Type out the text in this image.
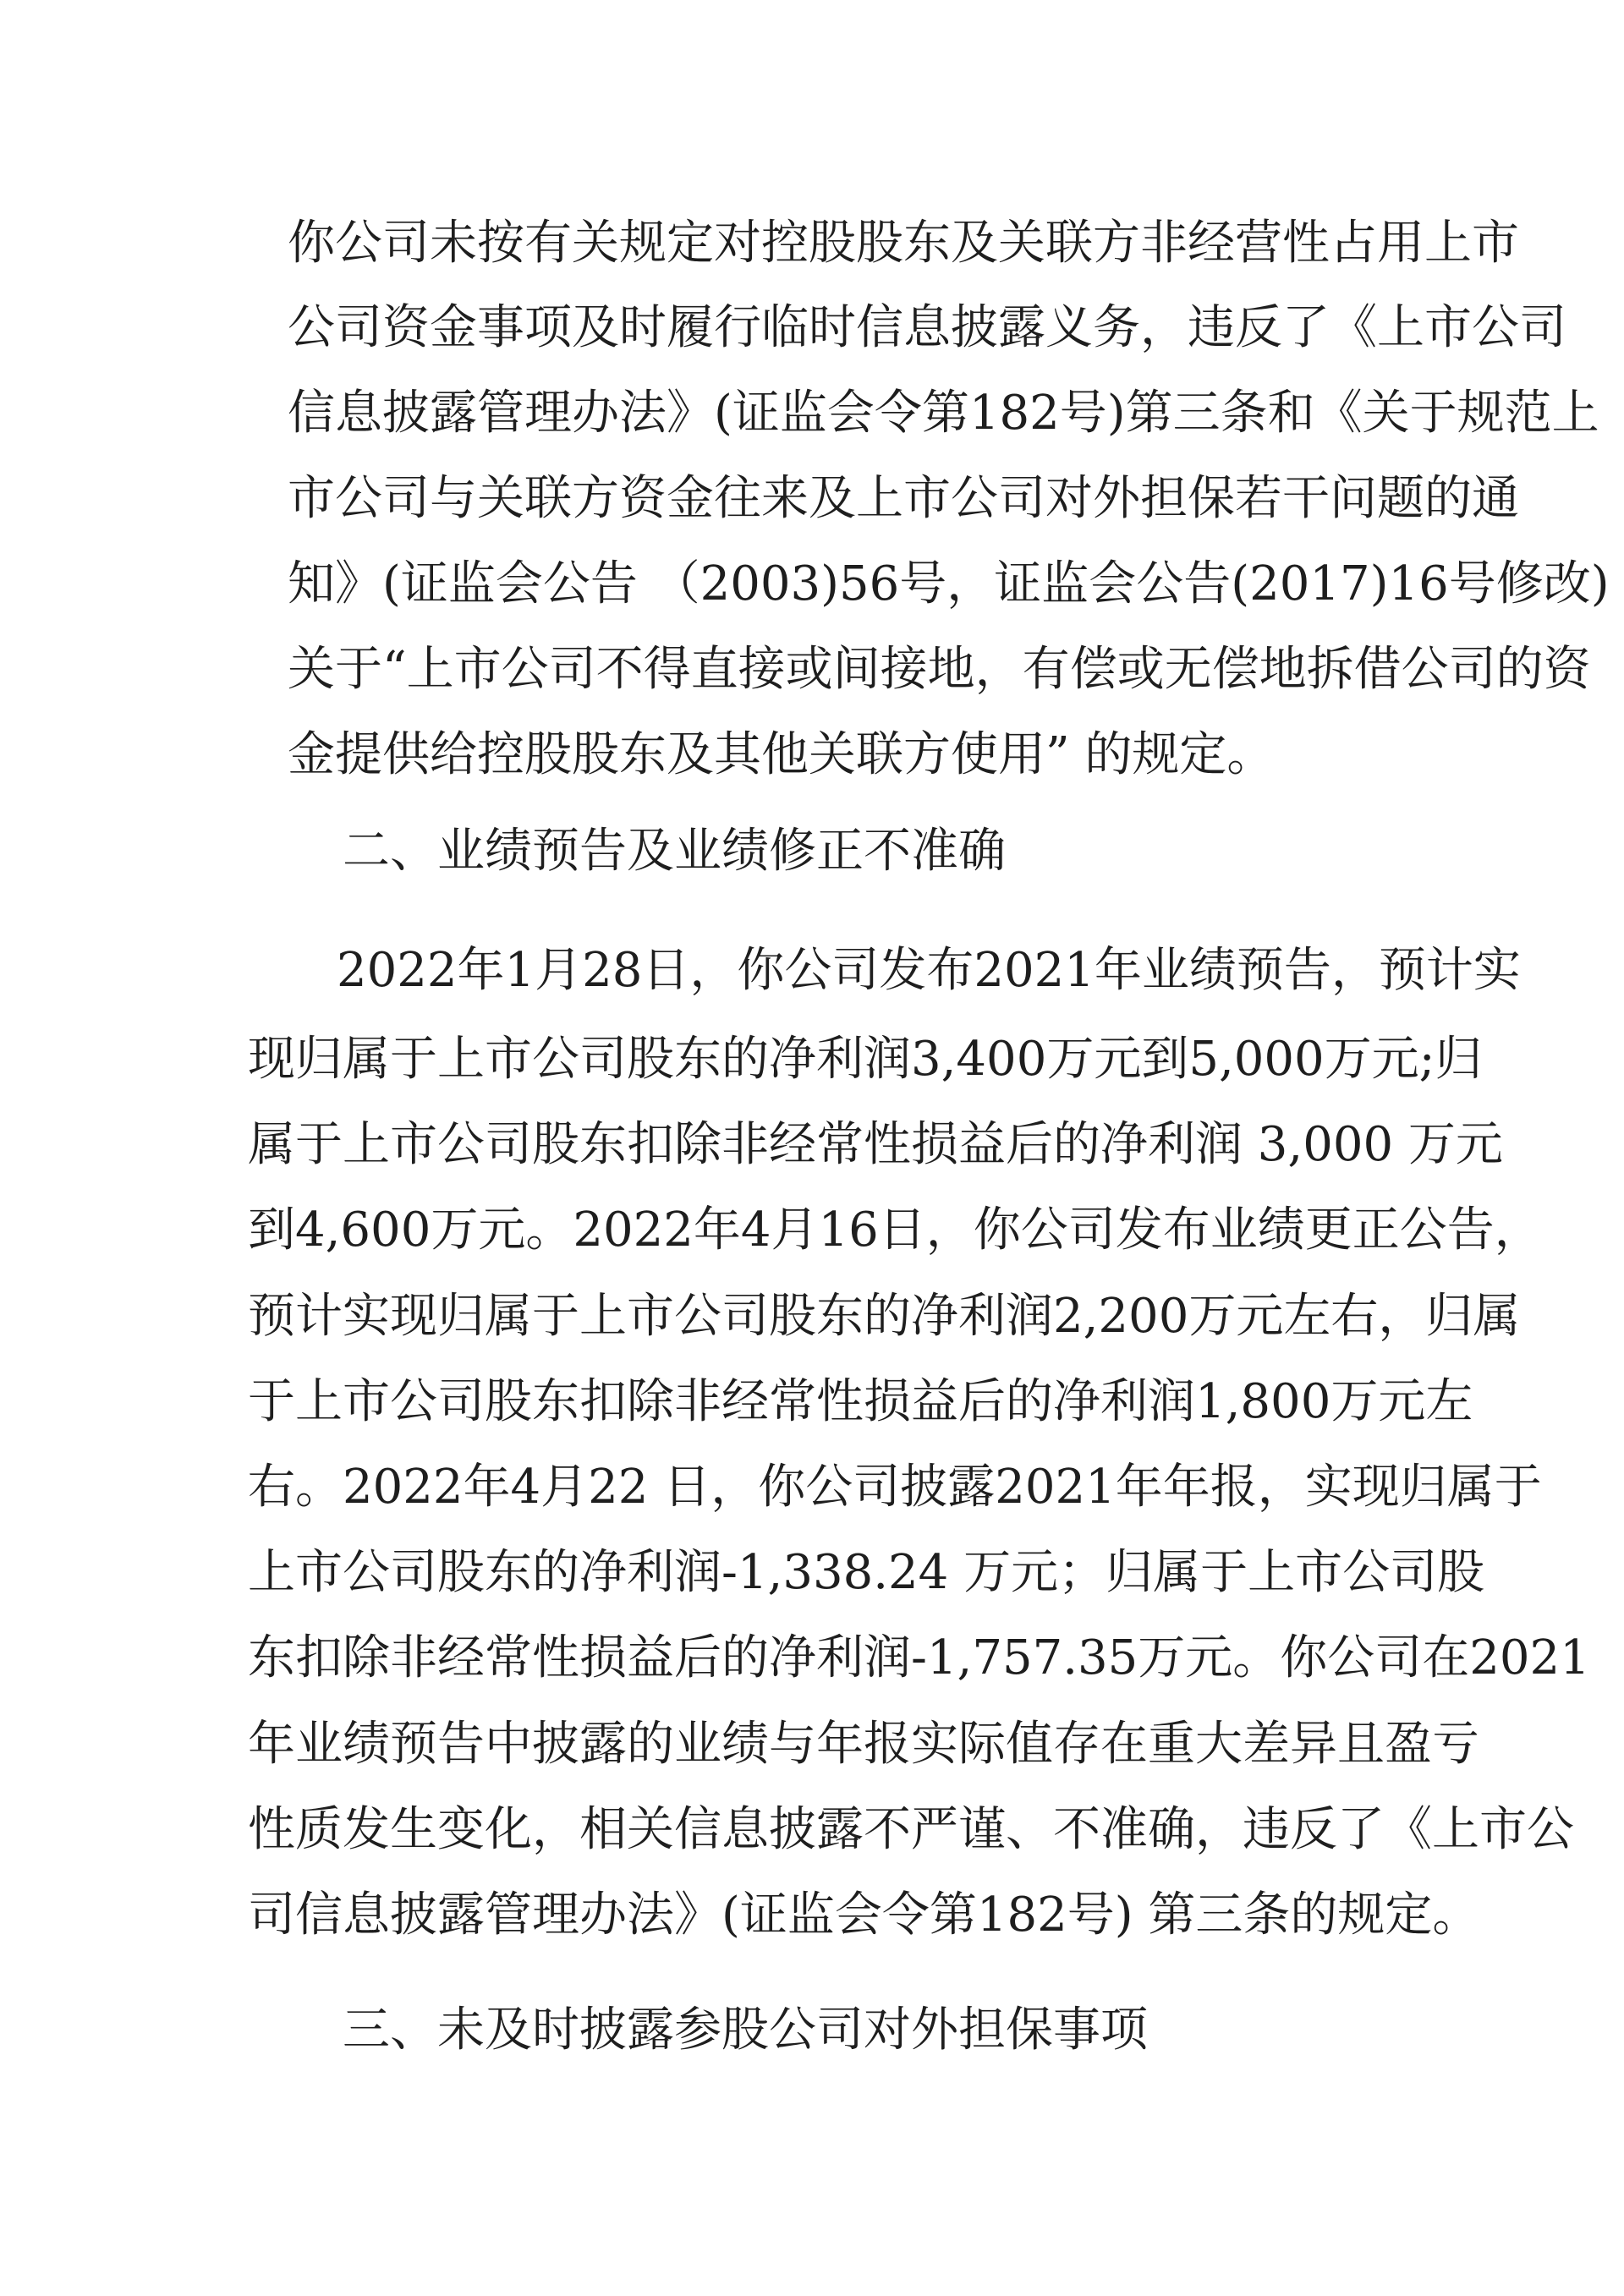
你公司未按有关规定对控股股东及关联方非经营性占用上市
公司资金事项及时履行临时信息披露义务，违反了《上市公司
信息披露管理办法》(证监会令第182号)第三条和《关于规范上
市公司与关联方资金往来及上市公司对外担保若干问题的通
知》(证监会公告 （2003)56号，证监会公告(2017)16号修改)
关于“上市公司不得直接或间接地，有偿或无偿地拆借公司的资
金提供给控股股东及其他关联方使用” 的规定。
二、业绩预告及业绩修正不准确
2022年1月28日，你公司发布2021年业绩预告，预计实
现归属于上市公司股东的净利润3,400万元到5,000万元;归
属于上市公司股东扣除非经常性损益后的净利润 3,000 万元
到4,600万元。2022年4月16日，你公司发布业绩更正公告，
预计实现归属于上市公司股东的净利润2,200万元左右，归属
于上市公司股东扣除非经常性损益后的净利润1,800万元左
右。2022年4月22 日，你公司披露2021年年报，实现归属于
上市公司股东的净利润-1,338.24 万元；归属于上市公司股
东扣除非经常性损益后的净利润-1,757.35万元。你公司在2021
年业绩预告中披露的业绩与年报实际值存在重大差异且盈亏
性质发生变化，相关信息披露不严谨、不准确，违反了《上市公
司信息披露管理办法》(证监会令第182号) 第三条的规定。
三、未及时披露参股公司对外担保事项
